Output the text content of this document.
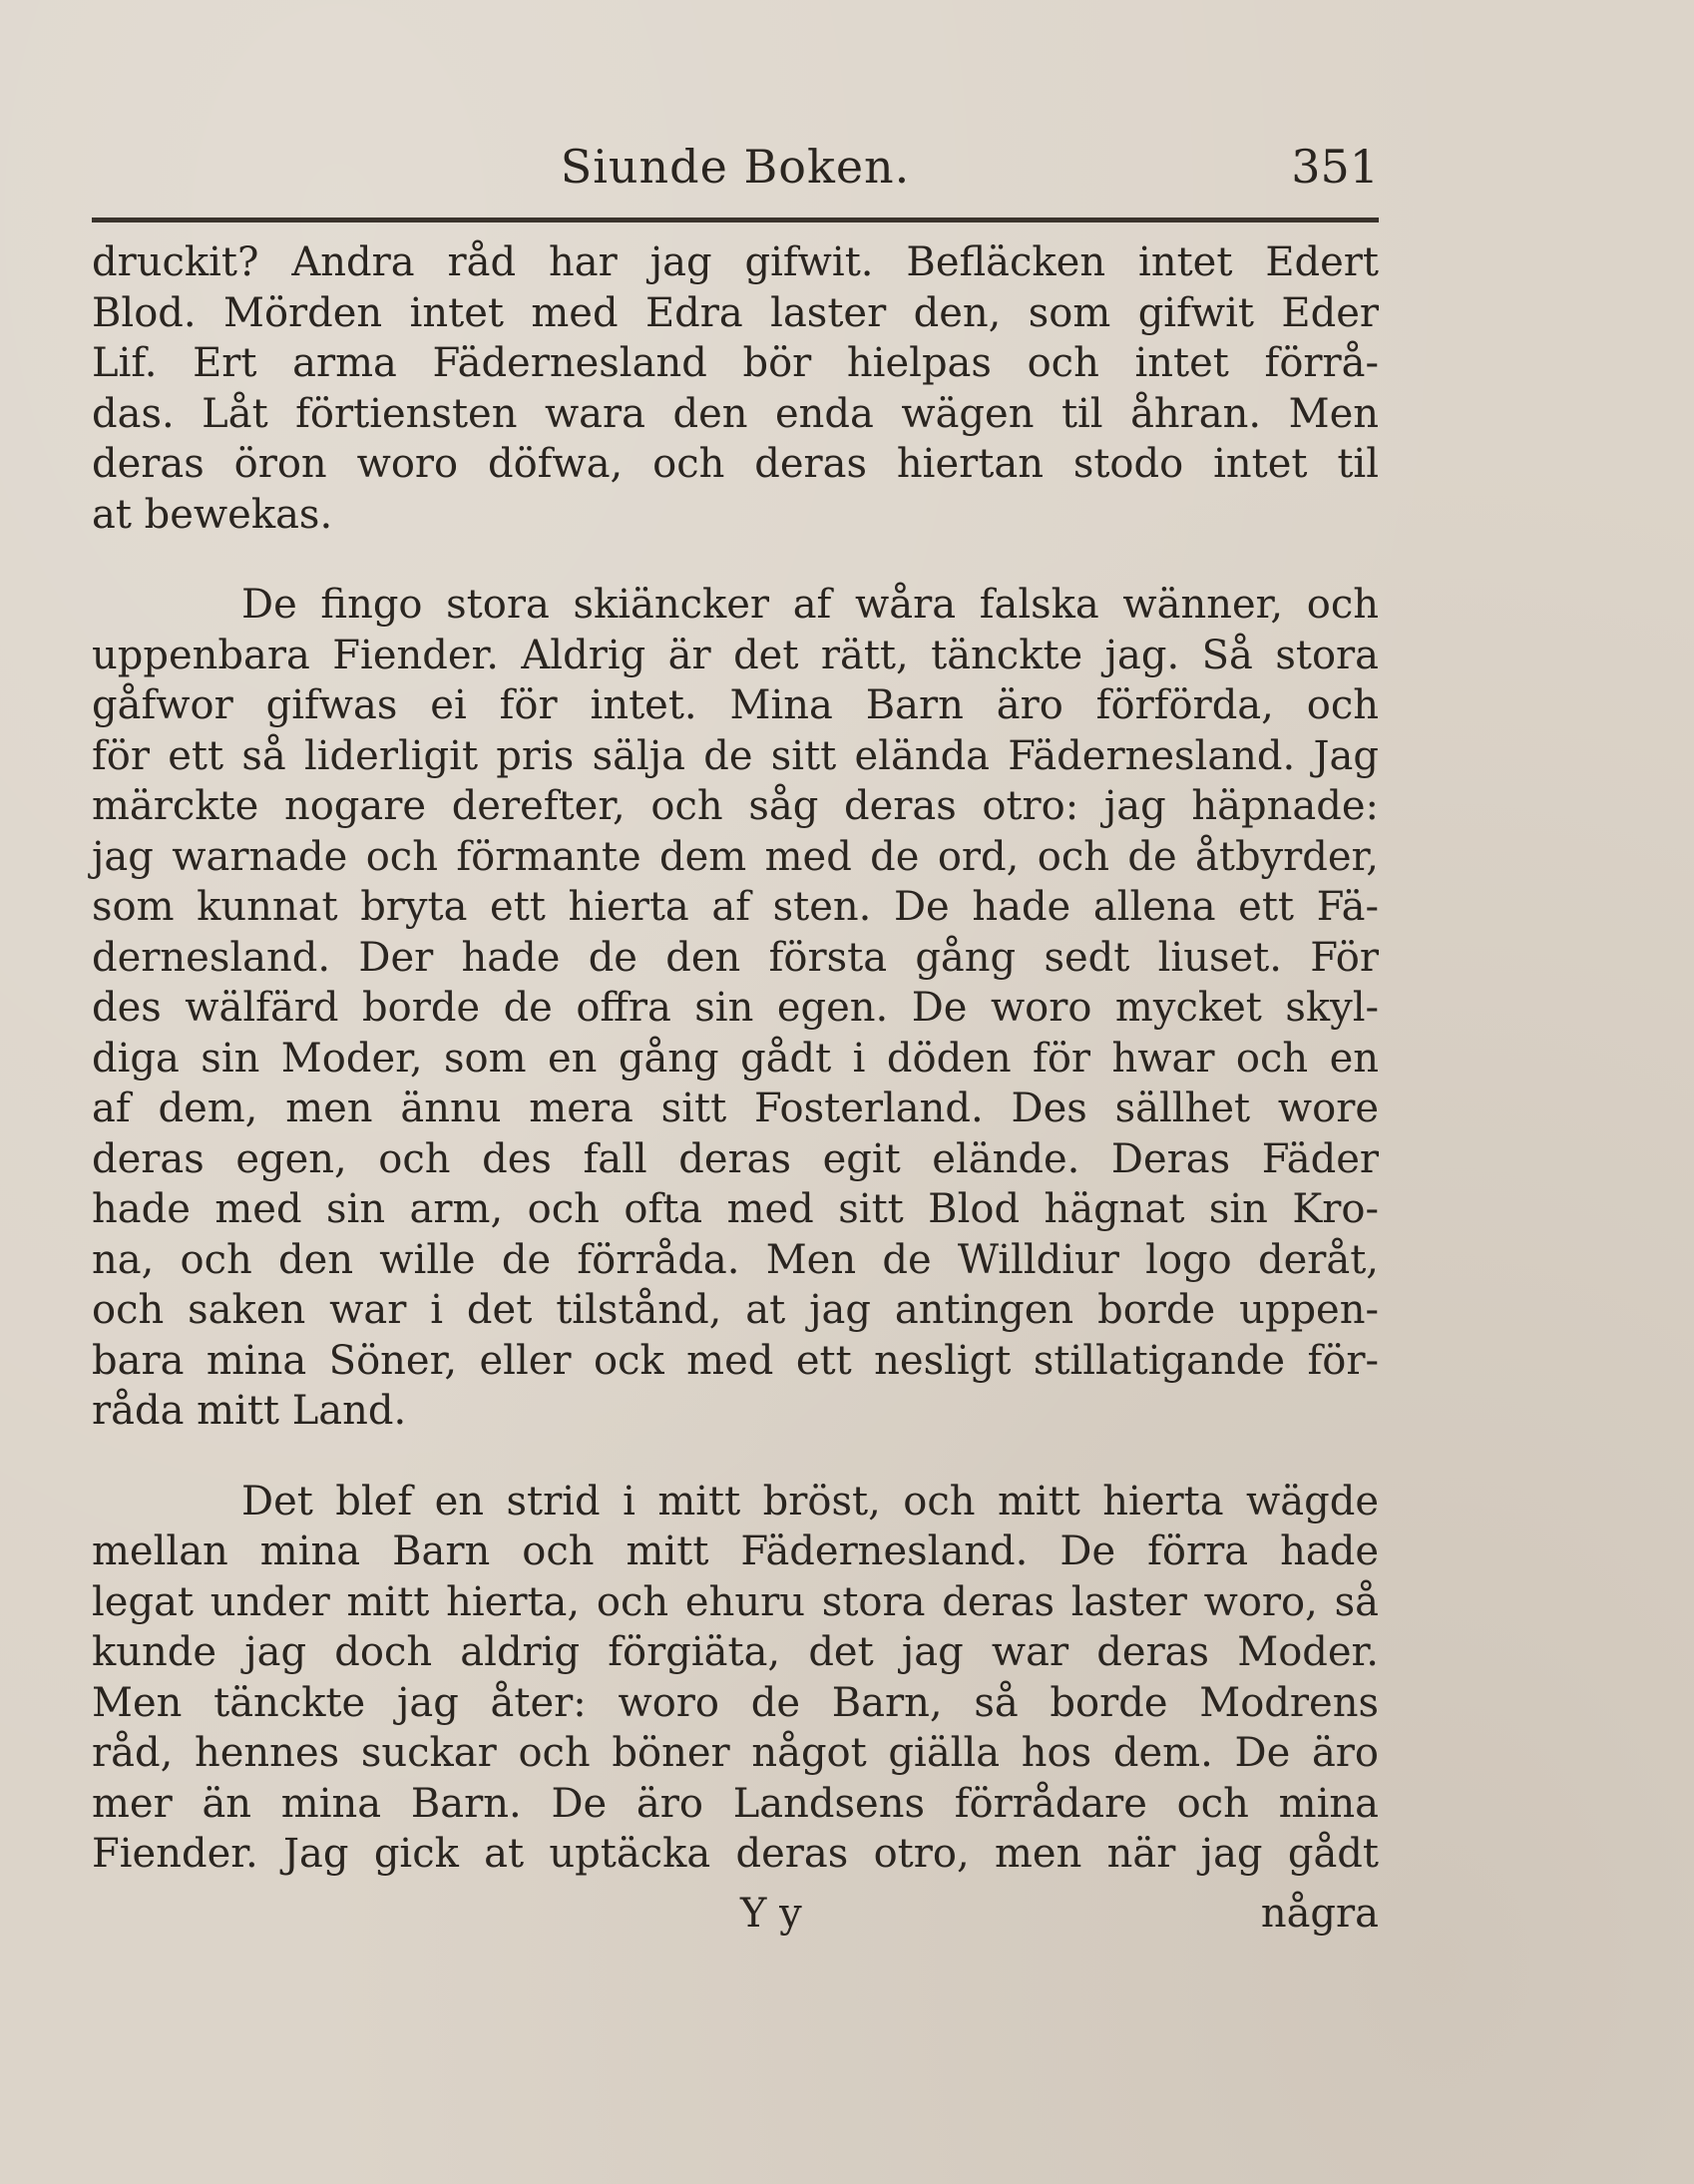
Siunde Boken.	351

druckit? Andra råd har jag gifwit. Befläcken intet Edert
Blod. Mörden intet med Edra laster den, som gifwit Eder
Lif. Ert arma Fädernesland bör hielpas och intet förrå-
das. Låt förtiensten wara den enda wägen til åhran. Men
deras öron woro döfwa, och deras hiertan stodo intet til
at bewekas.

De fingo stora skiäncker af wåra falska wänner, och
uppenbara Fiender. Aldrig är det rätt, täncktе jag. Så stora
gåfwor gifwas ei för intet. Mina Barn äro förförda, och
för ett så liderligit pris sälja de sitt eländа Fädernesland. Jag
märckte nogare derefter, och såg deras otro: jag häpnade:
jag warnade och förmante dem med de ord, och de åtbyrder,
som kunnat bryta ett hierta af sten. De hade allena ett Fä-
dernesland. Der hade de den första gång sedt liuset. För
des wälfärd borde de offra sin egen. De woro mycket skyl-
diga sin Moder, som en gång gådt i döden för hwar och en
af dem, men ännu mera sitt Fosterland. Des sällhet wore
deras egen, och des fall deras egit elände. Deras Fäder
hade med sin arm, och ofta med sitt Blod hägnat sin Kro-
na, och den wille de förråda. Men de Willdiur logo deråt,
och saken war i det tilstånd, at jag antingen borde uppen-
bara mina Söner, eller ock med ett nesligt stillatigande för-
råda mitt Land.

Det blef en strid i mitt bröst, och mitt hierta wägde
mellan mina Barn och mitt Fädernesland. De förra hade
legat under mitt hierta, och ehuru stora deras laster woro, så
kunde jag doch aldrig förgiäta, det jag war deras Moder.
Men tänckte jag åter: woro de Barn, så borde Modrens
råd, hennes suckar och böner något giälla hos dem. De äro
mer än mina Barn. De äro Landsens förrådare och mina
Fiender. Jag gick at uptäcka deras otro, men när jag gådt

Y y	några
